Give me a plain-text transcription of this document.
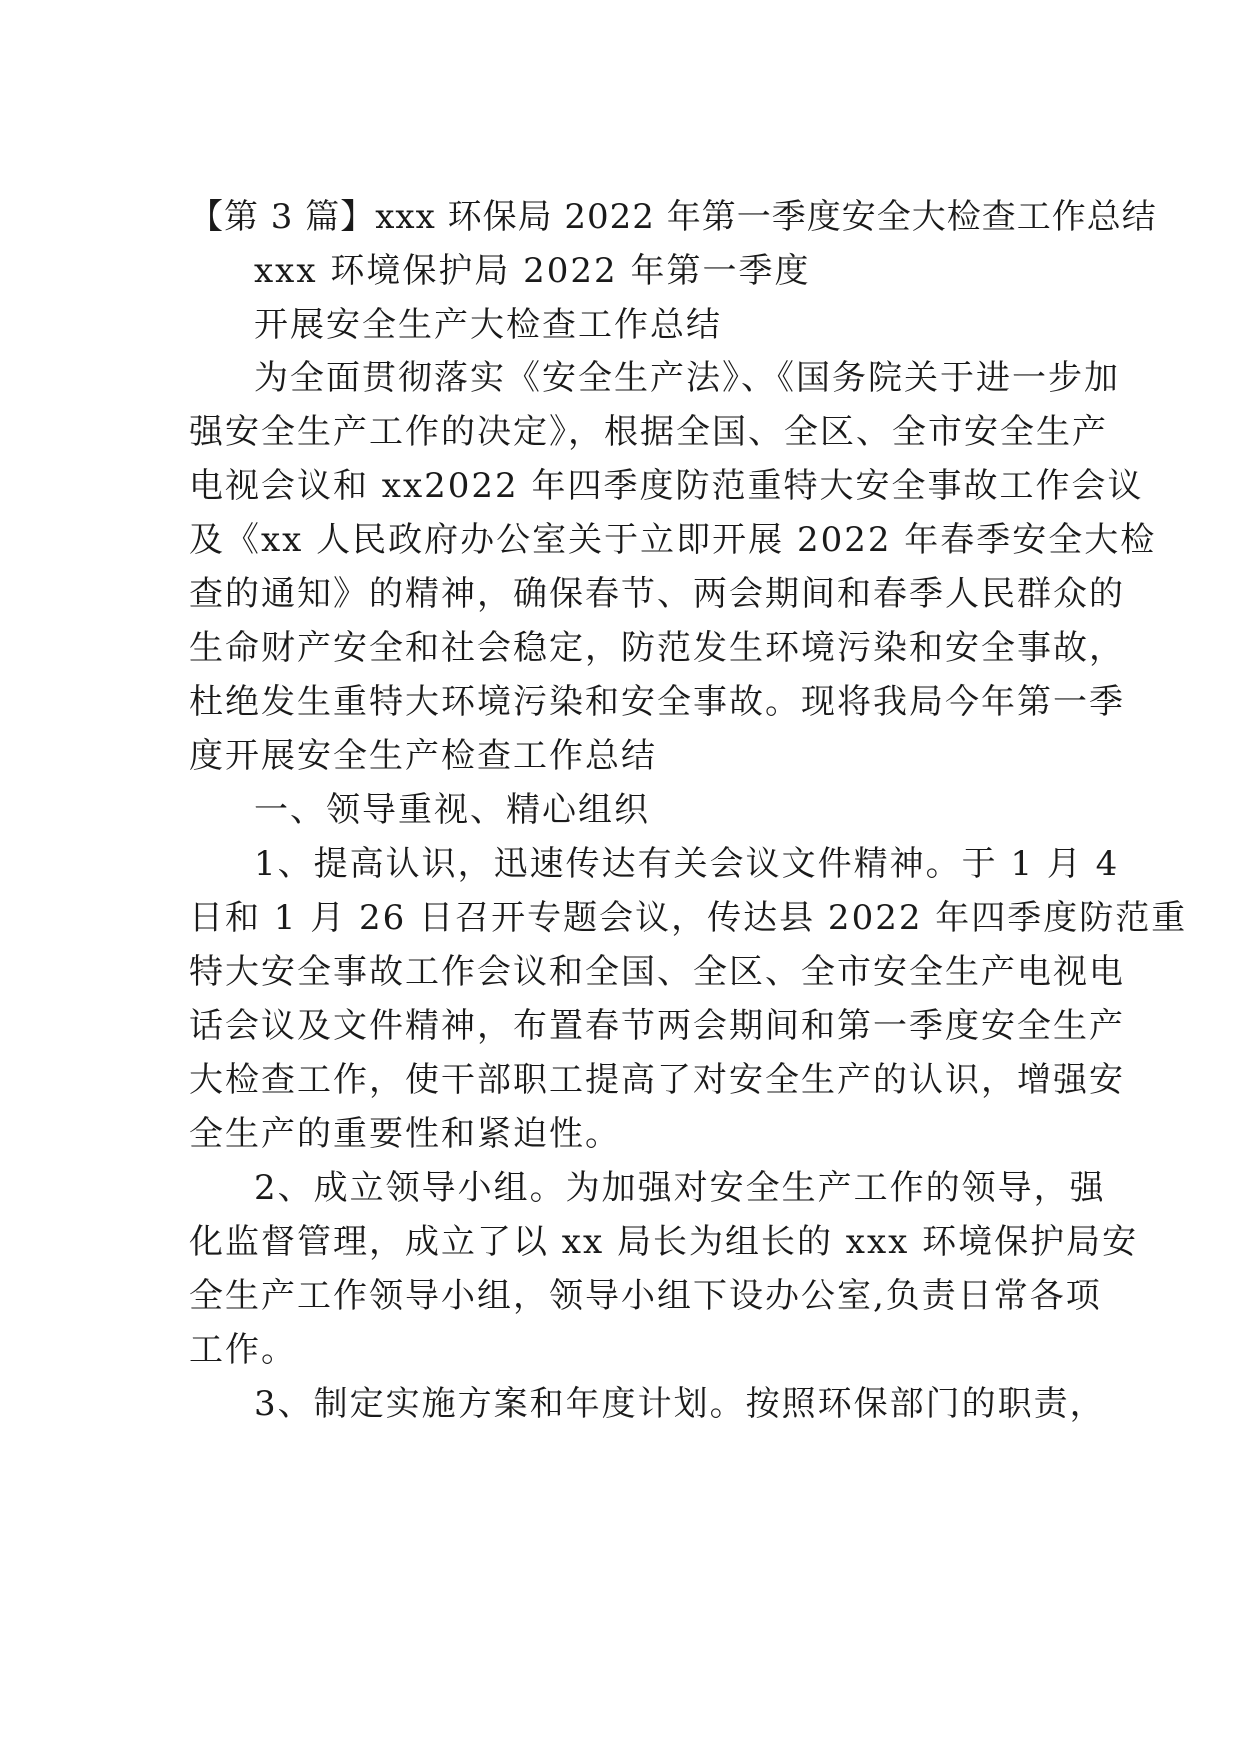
【第 3 篇】xxx 环保局 2022 年第一季度安全大检查工作总结
xxx 环境保护局 2022 年第一季度
开展安全生产大检查工作总结
为全面贯彻落实《安全生产法》、《国务院关于进一步加
强安全生产工作的决定》，根据全国、全区、全市安全生产
电视会议和 xx2022 年四季度防范重特大安全事故工作会议
及《xx 人民政府办公室关于立即开展 2022 年春季安全大检
查的通知》的精神，确保春节、两会期间和春季人民群众的
生命财产安全和社会稳定，防范发生环境污染和安全事故，
杜绝发生重特大环境污染和安全事故。现将我局今年第一季
度开展安全生产检查工作总结
一、领导重视、精心组织
1、提高认识，迅速传达有关会议文件精神。于 1 月 4
日和 1 月 26 日召开专题会议，传达县 2022 年四季度防范重
特大安全事故工作会议和全国、全区、全市安全生产电视电
话会议及文件精神，布置春节两会期间和第一季度安全生产
大检查工作，使干部职工提高了对安全生产的认识，增强安
全生产的重要性和紧迫性。
2、成立领导小组。为加强对安全生产工作的领导，强
化监督管理，成立了以 xx 局长为组长的 xxx 环境保护局安
全生产工作领导小组，领导小组下设办公室,负责日常各项
工作。
3、制定实施方案和年度计划。按照环保部门的职责，
